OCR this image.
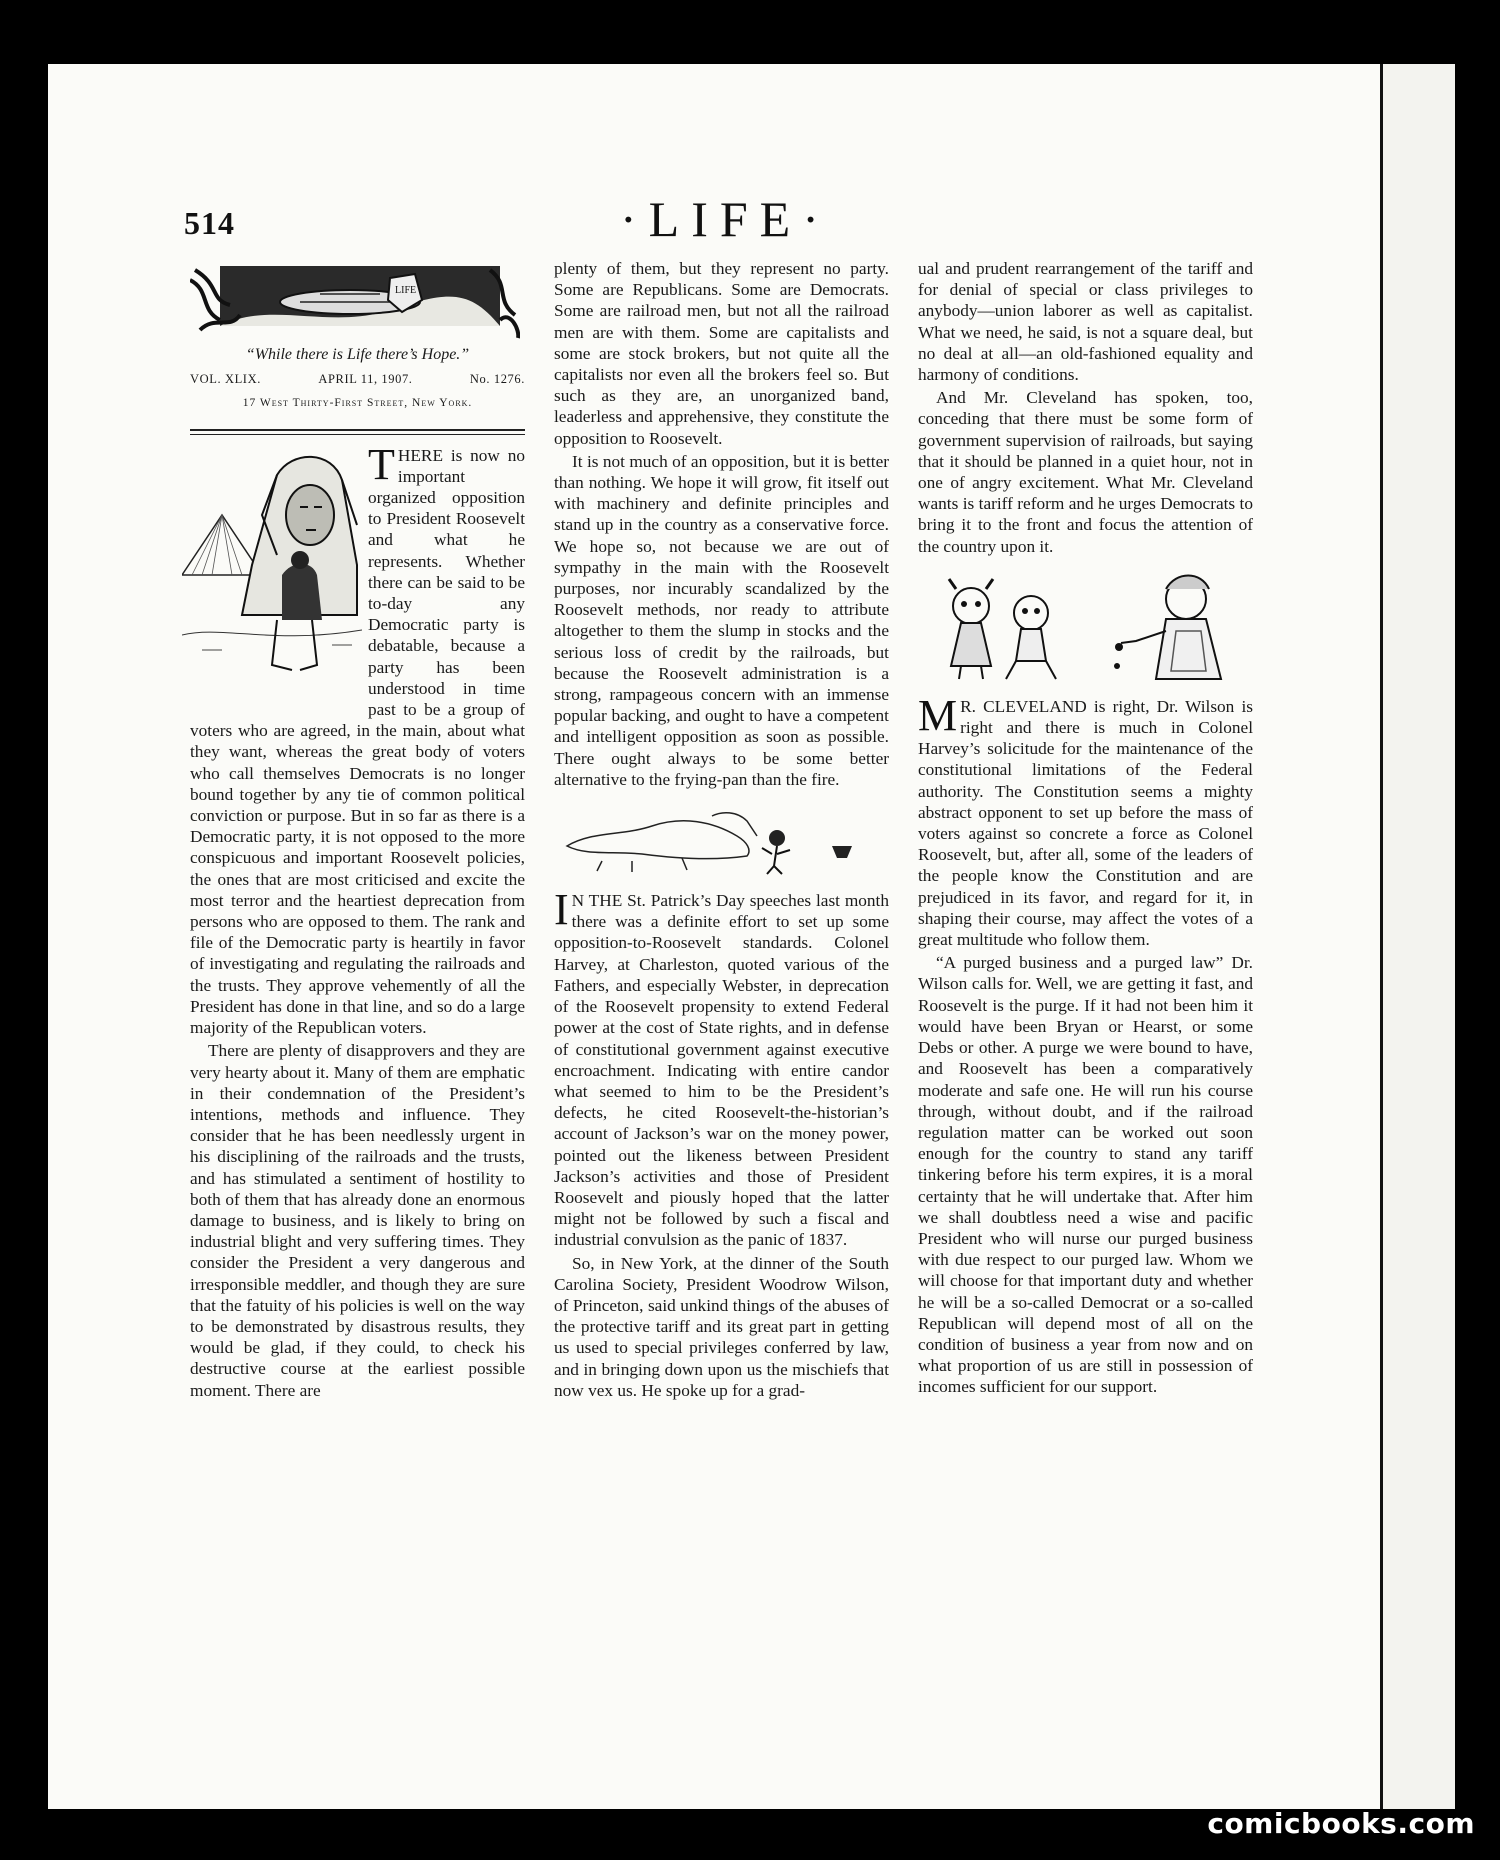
514	·LIFE·
LIFE
“While there is Life there’s Hope.”
VOL. XLIX.	APRIL 11, 1907.	No. 1276.
17 West Thirty-First Street, New York.

THERE is now no important organized opposition to President Roosevelt and what he represents. Whether there can be said to be to-day any Democratic party is debatable, because a party has been understood in time past to be a group of voters who are agreed, in the main, about what they want, whereas the great body of voters who call themselves Democrats is no longer bound together by any tie of common political conviction or purpose. But in so far as there is a Democratic party, it is not opposed to the more conspicuous and important Roosevelt policies, the ones that are most criticised and excite the most terror and the heartiest deprecation from persons who are opposed to them. The rank and file of the Democratic party is heartily in favor of investigating and regulating the railroads and the trusts. They approve vehemently of all the President has done in that line, and so do a large majority of the Republican voters.

There are plenty of disapprovers and they are very hearty about it. Many of them are emphatic in their condemnation of the President’s intentions, methods and influence. They consider that he has been needlessly urgent in his disciplining of the railroads and the trusts, and has stimulated a sentiment of hostility to both of them that has already done an enormous damage to business, and is likely to bring on industrial blight and very suffering times. They consider the President a very dangerous and irresponsible meddler, and though they are sure that the fatuity of his policies is well on the way to be demonstrated by disastrous results, they would be glad, if they could, to check his destructive course at the earliest possible moment. There are

plenty of them, but they represent no party. Some are Republicans. Some are Democrats. Some are railroad men, but not all the railroad men are with them. Some are capitalists and some are stock brokers, but not quite all the capitalists nor even all the brokers feel so. But such as they are, an unorganized band, leaderless and apprehensive, they constitute the opposition to Roosevelt.

It is not much of an opposition, but it is better than nothing. We hope it will grow, fit itself out with machinery and definite principles and stand up in the country as a conservative force. We hope so, not because we are out of sympathy in the main with the Roosevelt purposes, nor incurably scandalized by the Roosevelt methods, nor ready to attribute altogether to them the slump in stocks and the serious loss of credit by the railroads, but because the Roosevelt administration is a strong, rampageous concern with an immense popular backing, and ought to have a competent and intelligent opposition as soon as possible. There ought always to be some better alternative to the frying-pan than the fire.

I N THE St. Patrick’s Day speeches last month there was a definite effort to set up some opposition-to-Roosevelt standards. Colonel Harvey, at Charleston, quoted various of the Fathers, and especially Webster, in deprecation of the Roosevelt propensity to extend Federal power at the cost of State rights, and in defense of constitutional government against executive encroachment. Indicating with entire candor what seemed to him to be the President’s defects, he cited Roosevelt-the-historian’s account of Jackson’s war on the money power, pointed out the likeness between President Jackson’s activities and those of President Roosevelt and piously hoped that the latter might not be followed by such a fiscal and industrial convulsion as the panic of 1837.

So, in New York, at the dinner of the South Carolina Society, President Woodrow Wilson, of Princeton, said unkind things of the abuses of the protective tariff and its great part in getting us used to special privileges conferred by law, and in bringing down upon us the mischiefs that now vex us. He spoke up for a grad-

ual and prudent rearrangement of the tariff and for denial of special or class privileges to anybody—union laborer as well as capitalist. What we need, he said, is not a square deal, but no deal at all—an old-fashioned equality and harmony of conditions.

And Mr. Cleveland has spoken, too, conceding that there must be some form of government supervision of railroads, but saying that it should be planned in a quiet hour, not in one of angry excitement. What Mr. Cleveland wants is tariff reform and he urges Democrats to bring it to the front and focus the attention of the country upon it.

M R. CLEVELAND is right, Dr. Wilson is right and there is much in Colonel Harvey’s solicitude for the maintenance of the constitutional limitations of the Federal authority. The Constitution seems a mighty abstract opponent to set up before the mass of voters against so concrete a force as Colonel Roosevelt, but, after all, some of the leaders of the people know the Constitution and are prejudiced in its favor, and regard for it, in shaping their course, may affect the votes of a great multitude who follow them.

“A purged business and a purged law” Dr. Wilson calls for. Well, we are getting it fast, and Roosevelt is the purge. If it had not been him it would have been Bryan or Hearst, or some Debs or other. A purge we were bound to have, and Roosevelt has been a comparatively moderate and safe one. He will run his course through, without doubt, and if the railroad regulation matter can be worked out soon enough for the country to stand any tariff tinkering before his term expires, it is a moral certainty that he will undertake that. After him we shall doubtless need a wise and pacific President who will nurse our purged business with due respect to our purged law. Whom we will choose for that important duty and whether he will be a so-called Democrat or a so-called Republican will depend most of all on the condition of business a year from now and on what proportion of us are still in possession of incomes sufficient for our support.

comicbooks.com
